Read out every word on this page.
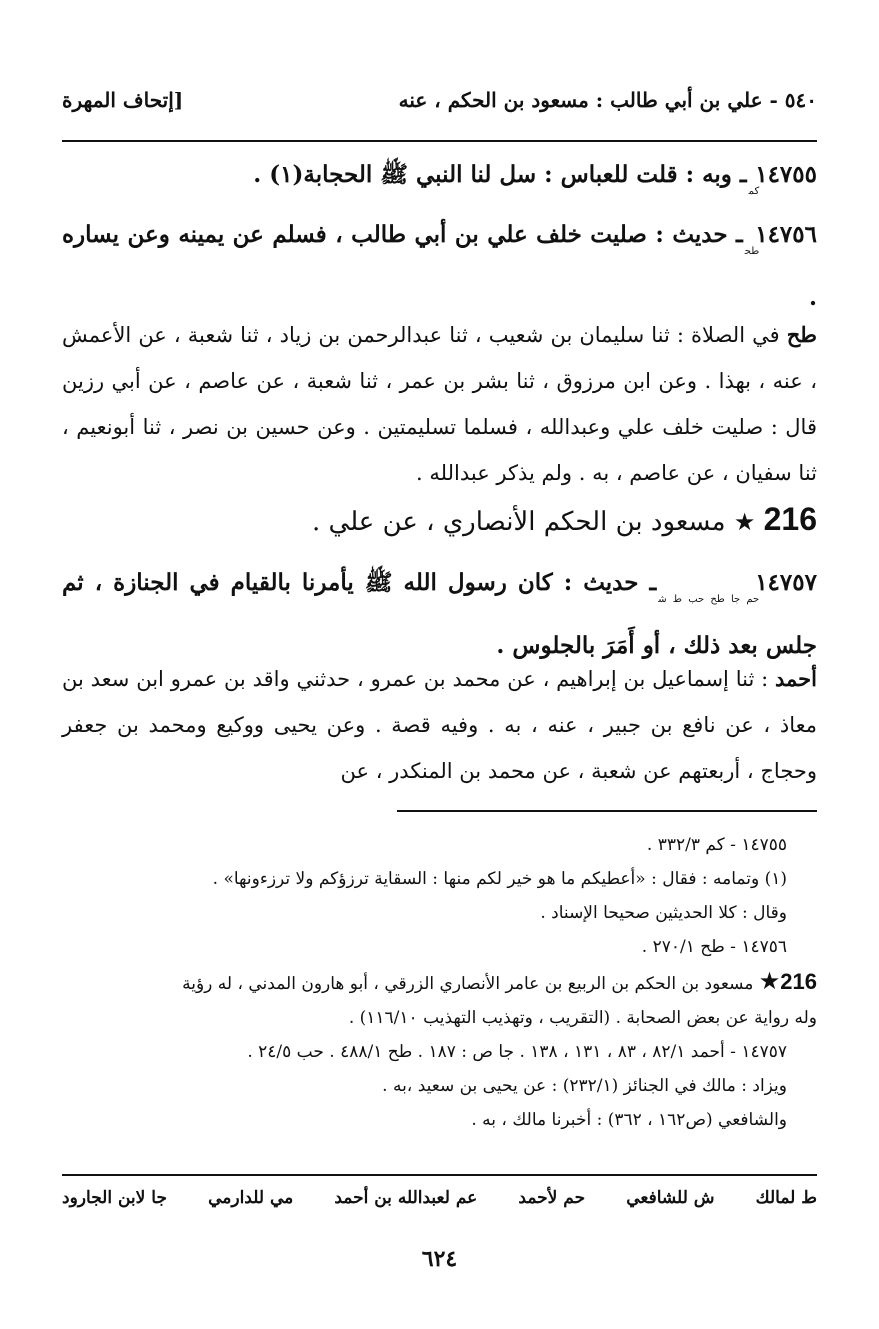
٥٤٠ - علي بن أبي طالب : مسعود بن الحكم ، عنه
[إتحاف المهرة
$١٤٧٥٥_{كم}ـ$ وبه : قلت للعباس : سل لنا النبي ﷺ الحجابة(١) .
$١٤٧٥٦_{طح}ـ$ حديث : صليت خلف علي بن أبي طالب ، فسلم عن يمينه وعن يساره .
طح في الصلاة : ثنا سليمان بن شعيب ، ثنا عبدالرحمن بن زياد ، ثنا شعبة ، عن الأعمش ، عنه ، بهذا . وعن ابن مرزوق ، ثنا بشر بن عمر ، ثنا شعبة ، عن عاصم ، عن أبي رزين قال : صليت خلف علي وعبدالله ، فسلما تسليمتين . وعن حسين بن نصر ، ثنا أبونعيم ، ثنا سفيان ، عن عاصم ، به . ولم يذكر عبدالله .
216 ★ مسعود بن الحكم الأنصاري ، عن علي .
$١٤٧٥٧_{حم جا طح حب ط ش}ـ$ حديث : كان رسول الله ﷺ يأمرنا بالقيام في الجنازة ، ثم جلس بعد ذلك ، أو أَمَرَ بالجلوس .
أحمد : ثنا إسماعيل بن إبراهيم ، عن محمد بن عمرو ، حدثني واقد بن عمرو ابن سعد بن معاذ ، عن نافع بن جبير ، عنه ، به . وفيه قصة . وعن يحيى ووكيع ومحمد بن جعفر وحجاج ، أربعتهم عن شعبة ، عن محمد بن المنكدر ، عن
١٤٧٥٥ - كم ٣٣٢/٣ .
(١) وتمامه : فقال : «أعطيكم ما هو خير لكم منها : السقاية ترزؤكم ولا ترزءونها» .
وقال : كلا الحديثين صحيحا الإسناد .
١٤٧٥٦ - طح ٢٧٠/١ .
216★ مسعود بن الحكم بن الربيع بن عامر الأنصاري الزرقي ، أبو هارون المدني ، له رؤية
وله رواية عن بعض الصحابة . (التقريب ، وتهذيب التهذيب ١١٦/١٠) .
١٤٧٥٧ - أحمد ٨٢/١ ، ٨٣ ، ١٣١ ، ١٣٨ . جا ص : ١٨٧ . طح ٤٨٨/١ . حب ٢٤/٥ .
ويزاد : مالك في الجنائز (٢٣٢/١) : عن يحيى بن سعيد ،به .
والشافعي (ص١٦٢ ، ٣٦٢) : أخبرنا مالك ، به .
ط لمالك
ش للشافعي
حم لأحمد
عم لعبدالله بن أحمد
مي للدارمي
جا لابن الجارود
٦٢٤
